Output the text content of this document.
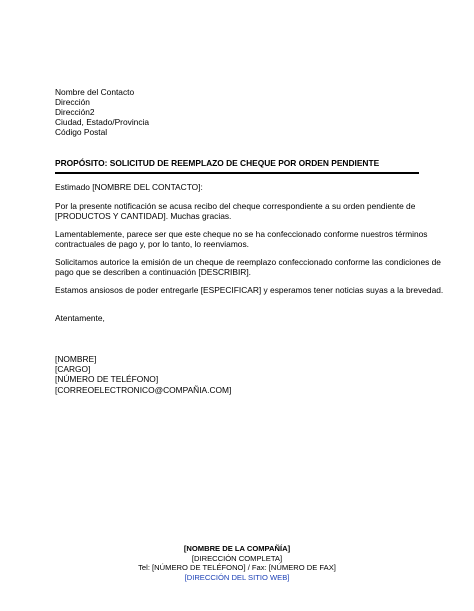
Nombre del Contacto
Dirección
Dirección2
Ciudad, Estado/Provincia
Código Postal
PROPÓSITO: SOLICITUD DE REEMPLAZO DE CHEQUE POR ORDEN PENDIENTE
Estimado [NOMBRE DEL CONTACTO]:
Por la presente notificación se acusa recibo del cheque correspondiente a su orden pendiente de
[PRODUCTOS Y CANTIDAD]. Muchas gracias.
Lamentablemente, parece ser que este cheque no se ha confeccionado conforme nuestros términos
contractuales de pago y, por lo tanto, lo reenviamos.
Solicitamos autorice la emisión de un cheque de reemplazo confeccionado conforme las condiciones de
pago que se describen a continuación [DESCRIBIR].
Estamos ansiosos de poder entregarle [ESPECIFICAR] y esperamos tener noticias suyas a la brevedad.
Atentamente,
[NOMBRE]
[CARGO]
[NÚMERO DE TELÉFONO]
[CORREOELECTRONICO@COMPAÑIA.COM]
[NOMBRE DE LA COMPAÑÍA]
[DIRECCIÓN COMPLETA]
Tel: [NÚMERO DE TELÉFONO] / Fax: [NÚMERO DE FAX]
[DIRECCIÓN DEL SITIO WEB]
